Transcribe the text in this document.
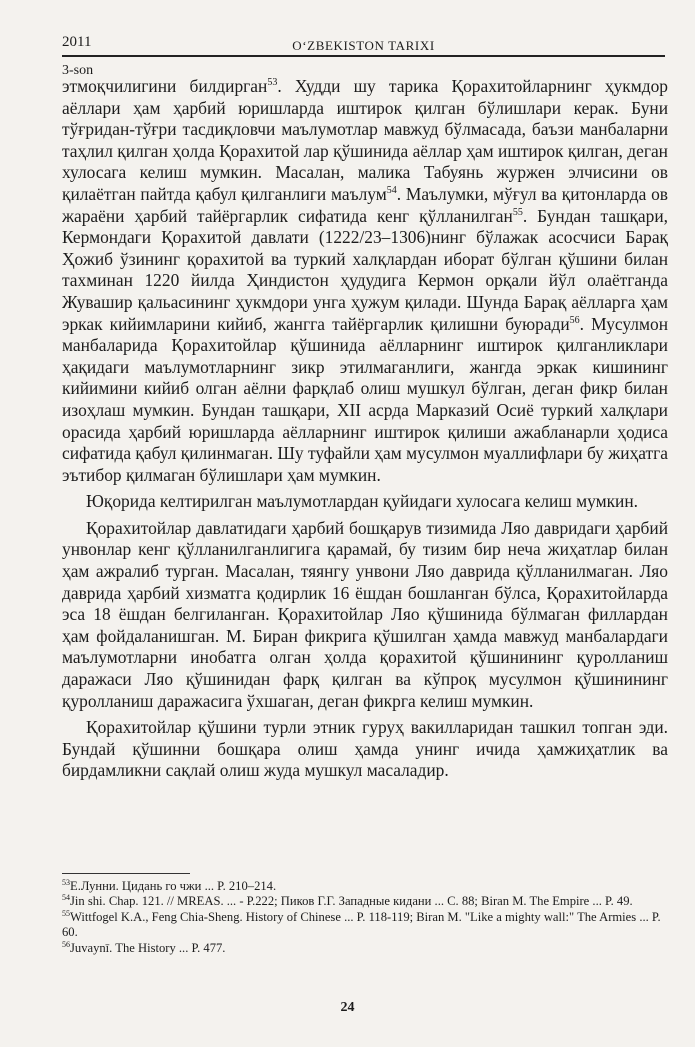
2011	O‘ZBEKISTON TARIXI
3-son

этмоқчилигини билдирган$^{53}$. Худди шу тарика Қорахитойларнинг ҳукмдор аёллари ҳам ҳарбий юришларда иштирок қилган бўлишлари керак. Буни тўғридан-тўғри тасдиқловчи маълумотлар мавжуд бўлмасада, баъзи манбаларни таҳлил қилган ҳолда Қорахитой лар қўшинида аёллар ҳам иштирок қилган, деган хулосага келиш мумкин. Масалан, малика Табуянь журжен элчисини ов қилаётган пайтда қабул қилганлиги маълум$^{54}$. Маълумки, мўғул ва қитонларда ов жараёни ҳарбий тайёргарлик сифатида кенг қўлланилган$^{55}$. Бундан ташқари, Кермондаги Қорахитой давлати (1222/23–1306)нинг бўлажак асосчиси Барақ Ҳожиб ўзининг қорахитой ва туркий халқлардан иборат бўлган қўшини билан тахминан 1220 йилда Ҳиндистон ҳудудига Кермон орқали йўл олаётганда Жувашир қальасининг ҳукмдори унга ҳужум қилади. Шунда Барақ аёлларга ҳам эркак кийимларини кийиб, жангга тайёргарлик қилишни буюради$^{56}$. Мусулмон манбаларида Қорахитойлар қўшинида аёлларнинг иштирок қилганликлари ҳақидаги маълумотларнинг зикр этилмаганлиги, жангда эркак кишининг кийимини кийиб олган аёлни фарқлаб олиш мушкул бўлган, деган фикр билан изоҳлаш мумкин. Бундан ташқари, XII асрда Марказий Осиё туркий халқлари орасида ҳарбий юришларда аёлларнинг иштирок қилиши ажабланарли ҳодиса сифатида қабул қилинмаган. Шу туфайли ҳам мусулмон муаллифлари бу жиҳатга эътибор қилмаган бўлишлари ҳам мумкин.

Юқорида келтирилган маълумотлардан қуйидаги хулосага келиш мумкин.

Қорахитойлар давлатидаги ҳарбий бошқарув тизимида Ляо давридаги ҳарбий унвонлар кенг қўлланилганлигига қарамай, бу тизим бир неча жиҳатлар билан ҳам ажралиб турган. Масалан, тяянгу унвони Ляо даврида қўлланилмаган. Ляо даврида ҳарбий хизматга қодирлик 16 ёшдан бошланган бўлса, Қорахитойларда эса 18 ёшдан белгиланган. Қорахитойлар Ляо қўшинида бўлмаган филлардан ҳам фойдаланишган. М. Биран фикрига қўшилган ҳамда мавжуд манбалардаги маълумотларни инобатга олган ҳолда қорахитой қўшинининг қуролланиш даражаси Ляо қўшинидан фарқ қилган ва кўпроқ мусулмон қўшинининг қуролланиш даражасига ўхшаган, деган фикрга келиш мумкин.

Қорахитойлар қўшини турли этник гуруҳ вакилларидан ташкил топган эди. Бундай қўшинни бошқара олиш ҳамда унинг ичида ҳамжиҳатлик ва бирдамликни сақлай олиш жуда мушкул масаладир.

$^{53}$Е.Лунни. Цидань го чжи ... Р. 210–214.
$^{54}$Jin shi. Chap. 121. // MREAS. ... - Р.222; Пиков Г.Г. Западные кидани ... С. 88; Biran M. The Empire ... P. 49.
$^{55}$Wittfogel K.A., Feng Chia-Sheng. History of Chinese ... P. 118-119; Biran M. "Like a mighty wall:" The Armies ... P. 60.
$^{56}$Juvaynī. The History ... P. 477.
24
